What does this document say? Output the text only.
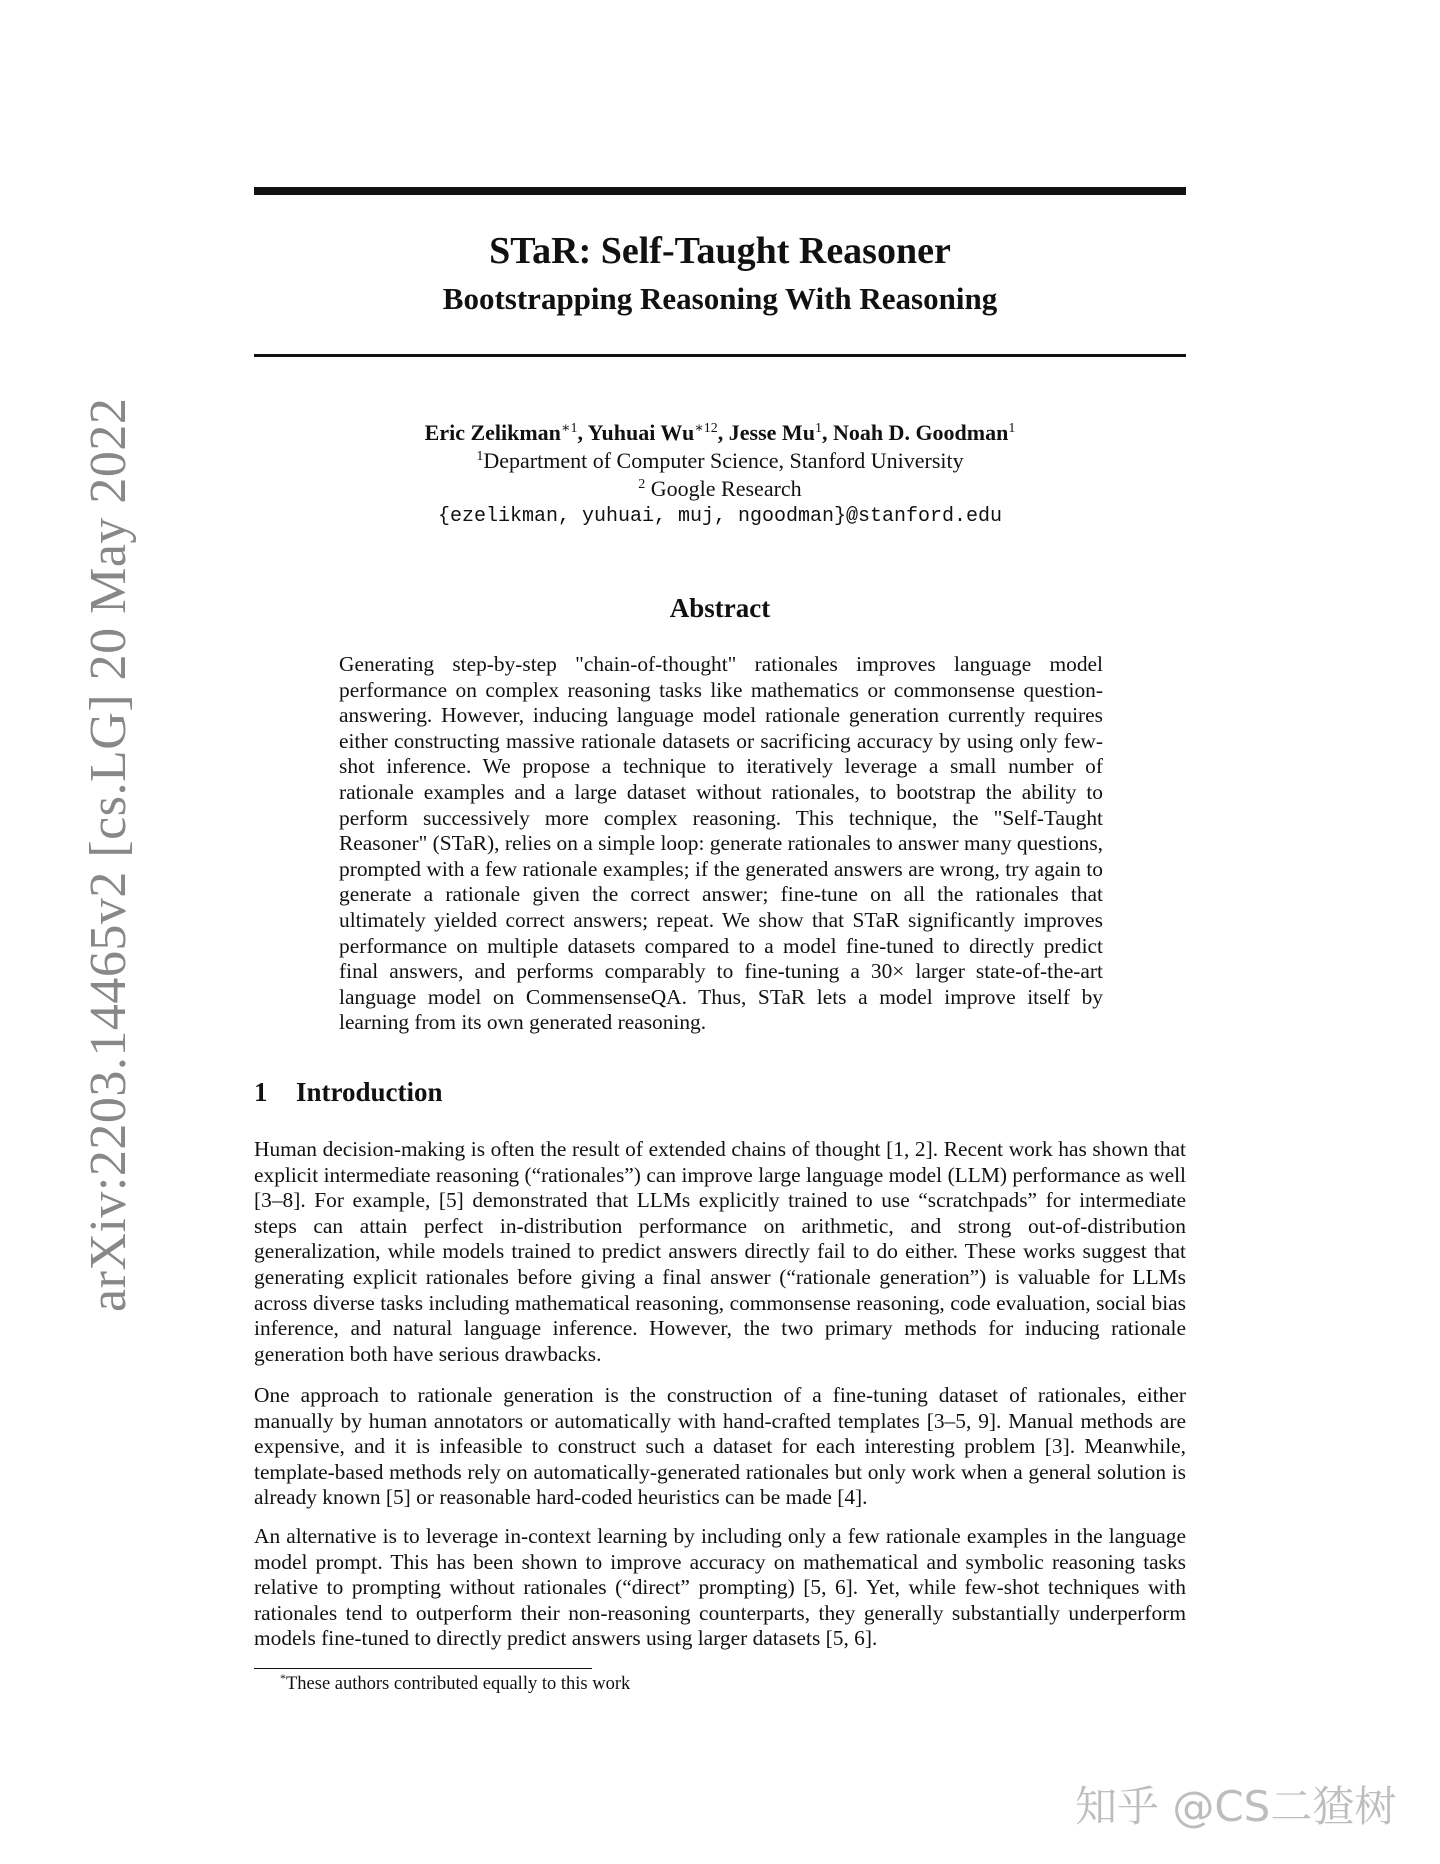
arXiv:2203.14465v2 [cs.LG] 20 May 2022
STaR: Self-Taught Reasoner
Bootstrapping Reasoning With Reasoning
Eric Zelikman$^{∗1}$, Yuhuai $Wu^{∗12}$, Jesse Mu$^1$, Noah D. Goodman$^1$
$^1$Department of Computer Science, Stanford University
$^2$ Google Research
{ezelikman, yuhuai, muj, ngoodman}@stanford.edu
Abstract
Generating step-by-step "chain-of-thought" rationales improves language model performance on complex reasoning tasks like mathematics or commonsense question-answering. However, inducing language model rationale generation currently requires either constructing massive rationale datasets or sacrificing accuracy by using only few-shot inference. We propose a technique to iteratively leverage a small number of rationale examples and a large dataset without rationales, to bootstrap the ability to perform successively more complex reasoning. This technique, the "Self-Taught Reasoner" (STaR), relies on a simple loop: generate rationales to answer many questions, prompted with a few rationale examples; if the generated answers are wrong, try again to generate a rationale given the correct answer; fine-tune on all the rationales that ultimately yielded correct answers; repeat. We show that STaR significantly improves performance on multiple datasets compared to a model fine-tuned to directly predict final answers, and performs comparably to fine-tuning a 30× larger state-of-the-art language model on CommensenseQA. Thus, STaR lets a model improve itself by learning from its own generated reasoning.
1 Introduction

Human decision-making is often the result of extended chains of thought [1, 2]. Recent work has shown that explicit intermediate reasoning (“rationales”) can improve large language model (LLM) performance as well [3–8]. For example, [5] demonstrated that LLMs explicitly trained to use “scratchpads” for intermediate steps can attain perfect in-distribution performance on arithmetic, and strong out-of-distribution generalization, while models trained to predict answers directly fail to do either. These works suggest that generating explicit rationales before giving a final answer (“rationale generation”) is valuable for LLMs across diverse tasks including mathematical reasoning, commonsense reasoning, code evaluation, social bias inference, and natural language inference. However, the two primary methods for inducing rationale generation both have serious drawbacks.

One approach to rationale generation is the construction of a fine-tuning dataset of rationales, either manually by human annotators or automatically with hand-crafted templates [3–5, 9]. Manual methods are expensive, and it is infeasible to construct such a dataset for each interesting problem [3]. Meanwhile, template-based methods rely on automatically-generated rationales but only work when a general solution is already known [5] or reasonable hard-coded heuristics can be made [4].

An alternative is to leverage in-context learning by including only a few rationale examples in the language model prompt. This has been shown to improve accuracy on mathematical and symbolic reasoning tasks relative to prompting without rationales (“direct” prompting) [5, 6]. Yet, while few-shot techniques with rationales tend to outperform their non-reasoning counterparts, they generally substantially underperform models fine-tuned to directly predict answers using larger datasets [5, 6].

*These authors contributed equally to this work
知乎 @CS二猹树
